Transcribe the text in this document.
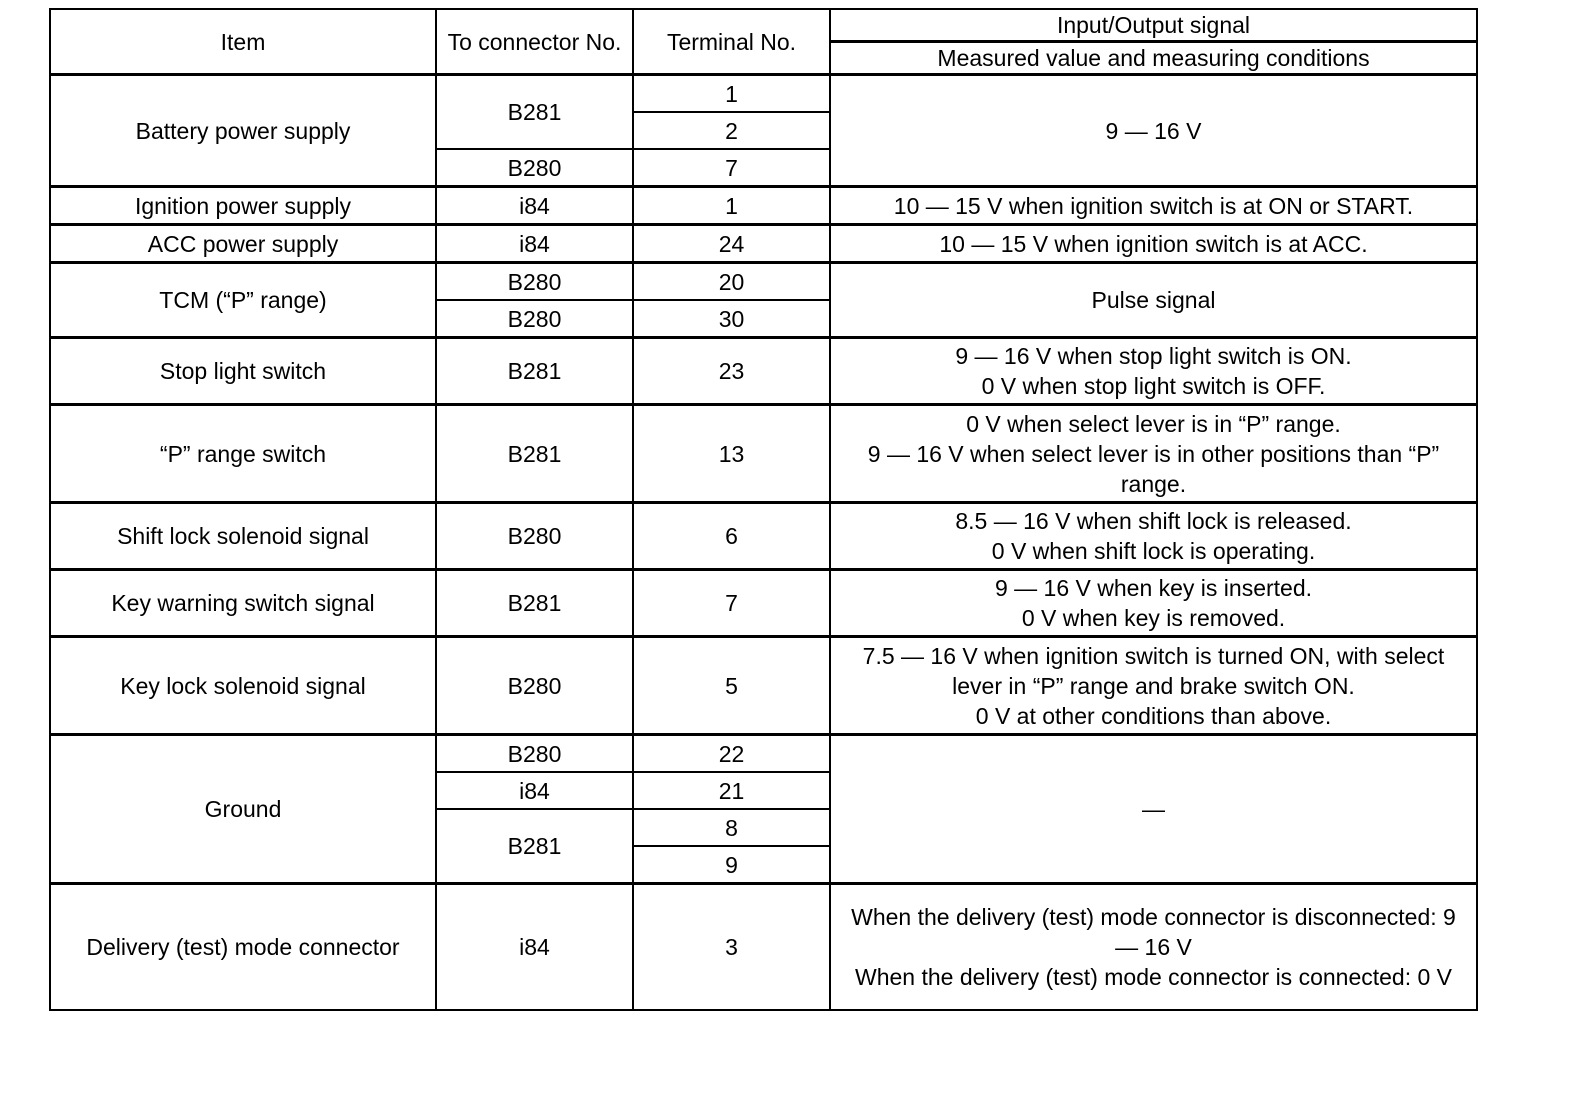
Item	To connector No.	Terminal No.	Input/Output signal
			Measured value and measuring conditions
Battery power supply	B281	1	9 — 16 V
		2	
	B280	7	
Ignition power supply	i84	1	10 — 15 V when ignition switch is at ON or START.
ACC power supply	i84	24	10 — 15 V when ignition switch is at ACC.
TCM (“P” range)	B280	20	Pulse signal
	B280	30	
Stop light switch	B281	23	9 — 16 V when stop light switch is ON.
0 V when stop light switch is OFF.

“P” range switch	B281	13	0 V when select lever is in “P” range.
9 — 16 V when select lever is in other positions than “P” range.

Shift lock solenoid signal	B280	6	8.5 — 16 V when shift lock is released.
0 V when shift lock is operating.

Key warning switch signal	B281	7	9 — 16 V when key is inserted.
0 V when key is removed.

Key lock solenoid signal	B280	5	7.5 — 16 V when ignition switch is turned ON, with select lever in “P” range and brake switch ON.
0 V at other conditions than above.

Ground	B280	22	—
	i84	21	
	B281	8	
		9	
Delivery (test) mode connector	i84	3	When the delivery (test) mode connector is disconnected: 9 — 16 V
When the delivery (test) mode connector is connected: 0 V
